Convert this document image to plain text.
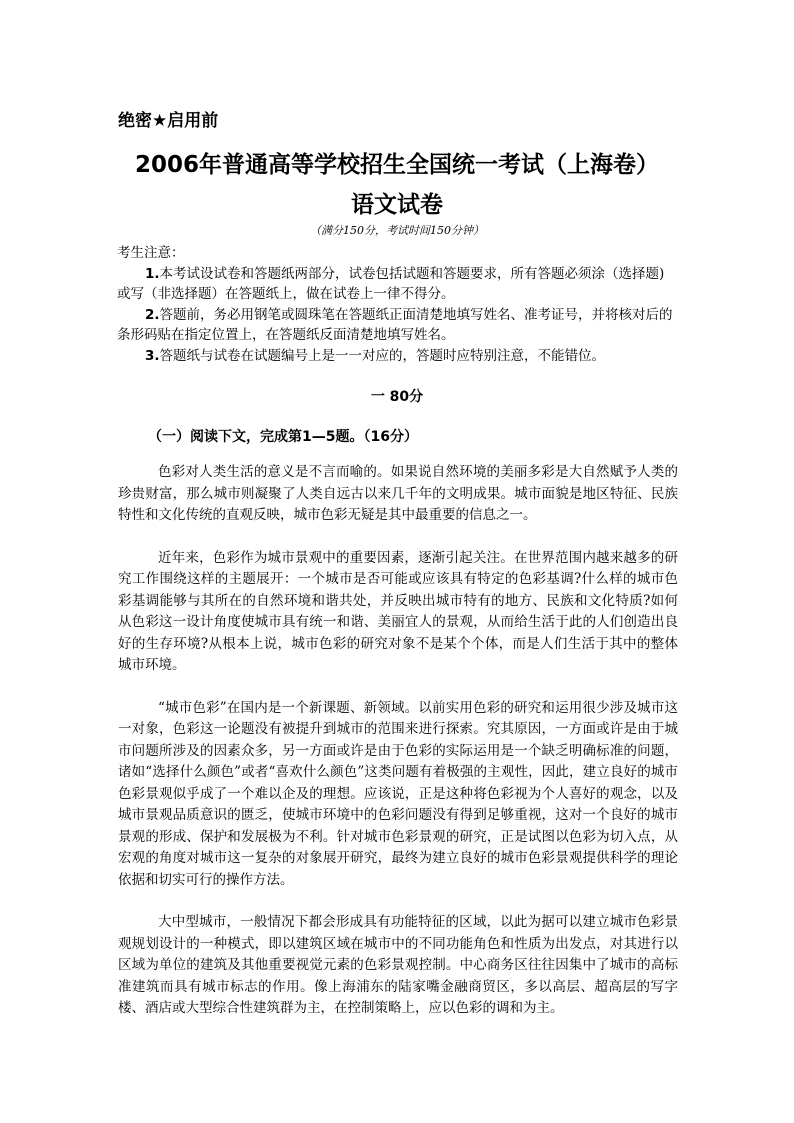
绝密★启用前
2006年普通高等学校招生全国统一考试（上海卷）
语文试卷
（满分150分，考试时间150分钟）

考生注意：

1.本考试设试卷和答题纸两部分，试卷包括试题和答题要求，所有答题必须涂（选择题)或写（非选择题）在答题纸上，做在试卷上一律不得分。

2.答题前，务必用钢笔或圆珠笔在答题纸正面清楚地填写姓名、准考证号，并将核对后的条形码贴在指定位置上，在答题纸反面清楚地填写姓名。

3.答题纸与试卷在试题编号上是一一对应的，答题时应特别注意，不能错位。

一 80分
（一）阅读下文，完成第1—5题。（16分）

色彩对人类生活的意义是不言而喻的。如果说自然环境的美丽多彩是大自然赋予人类的珍贵财富，那么城市则凝聚了人类自远古以来几千年的文明成果。城市面貌是地区特征、民族特性和文化传统的直观反映，城市色彩无疑是其中最重要的信息之一。

近年来，色彩作为城市景观中的重要因素，逐渐引起关注。在世界范围内越来越多的研究工作围绕这样的主题展开：一个城市是否可能或应该具有特定的色彩基调?什么样的城市色彩基调能够与其所在的自然环境和谐共处，并反映出城市特有的地方、民族和文化特质?如何从色彩这一设计角度使城市具有统一和谐、美丽宜人的景观，从而给生活于此的人们创造出良好的生存环境?从根本上说，城市色彩的研究对象不是某个个体，而是人们生活于其中的整体城市环境。

“城市色彩”在国内是一个新课题、新领域。以前实用色彩的研究和运用很少涉及城市这一对象，色彩这一论题没有被提升到城市的范围来进行探索。究其原因，一方面或许是由于城市问题所涉及的因素众多，另一方面或许是由于色彩的实际运用是一个缺乏明确标准的问题，诸如“选择什么颜色”或者“喜欢什么颜色”这类问题有着极强的主观性，因此，建立良好的城市色彩景观似乎成了一个难以企及的理想。应该说，正是这种将色彩视为个人喜好的观念，以及城市景观品质意识的匮乏，使城市环境中的色彩问题没有得到足够重视，这对一个良好的城市景观的形成、保护和发展极为不利。针对城市色彩景观的研究，正是试图以色彩为切入点，从宏观的角度对城市这一复杂的对象展开研究，最终为建立良好的城市色彩景观提供科学的理论依据和切实可行的操作方法。

大中型城市，一般情况下都会形成具有功能特征的区域，以此为据可以建立城市色彩景观规划设计的一种模式，即以建筑区域在城市中的不同功能角色和性质为出发点，对其进行以区域为单位的建筑及其他重要视觉元素的色彩景观控制。中心商务区往往因集中了城市的高标准建筑而具有城市标志的作用。像上海浦东的陆家嘴金融商贸区，多以高层、超高层的写字楼、酒店或大型综合性建筑群为主，在控制策略上，应以色彩的调和为主。
